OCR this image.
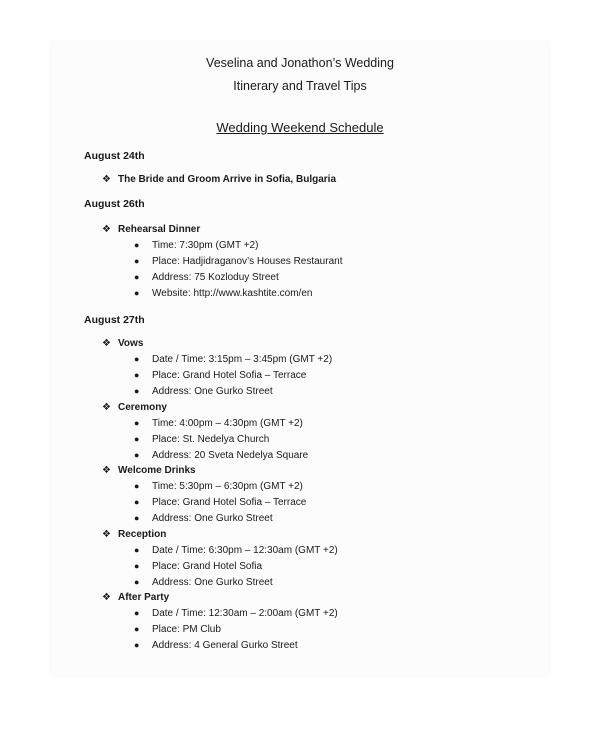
Veselina and Jonathon’s Wedding
Itinerary and Travel Tips
Wedding Weekend Schedule
August 24th
❖ The Bride and Groom Arrive in Sofia, Bulgaria
August 26th
❖ Rehearsal Dinner
● Time: 7:30pm (GMT +2)
● Place: Hadjidraganov’s Houses Restaurant
● Address: 75 Kozloduy Street
● Website: http://www.kashtite.com/en
August 27th
❖ Vows
● Date / Time: 3:15pm – 3:45pm (GMT +2)
● Place: Grand Hotel Sofia – Terrace
● Address: One Gurko Street
❖ Ceremony
● Time: 4:00pm – 4:30pm (GMT +2)
● Place: St. Nedelya Church
● Address: 20 Sveta Nedelya Square
❖ Welcome Drinks
● Time: 5:30pm – 6:30pm (GMT +2)
● Place: Grand Hotel Sofia – Terrace
● Address: One Gurko Street
❖ Reception
● Date / Time: 6:30pm – 12:30am (GMT +2)
● Place: Grand Hotel Sofia
● Address: One Gurko Street
❖ After Party
● Date / Time: 12:30am – 2:00am (GMT +2)
● Place: PM Club
● Address: 4 General Gurko Street
